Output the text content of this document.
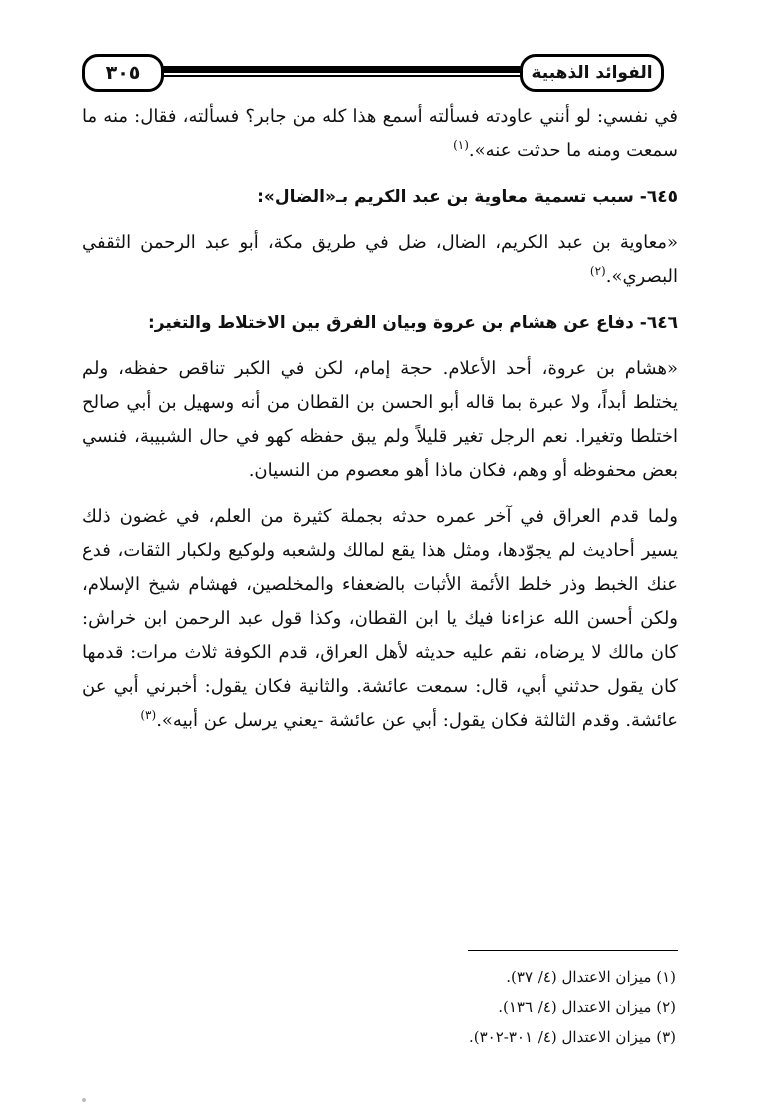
الفوائد الذهبية
٣٠٥

في نفسي: لو أنني عاودته فسألته أسمع هذا كله من جابر؟ فسألته، فقال: منه ما سمعت ومنه ما حدثت عنه».$^{(١)}$

٦٤٥- سبب تسمية معاوية بن عبد الكريم بـ«الضال»:

«معاوية بن عبد الكريم، الضال، ضل في طريق مكة، أبو عبد الرحمن الثقفي البصري».$^{(٢)}$

٦٤٦- دفاع عن هشام بن عروة وبيان الفرق بين الاختلاط والتغير:

«هشام بن عروة، أحد الأعلام. حجة إمام، لكن في الكبر تناقص حفظه، ولم يختلط أبداً، ولا عبرة بما قاله أبو الحسن بن القطان من أنه وسهيل بن أبي صالح اختلطا وتغيرا. نعم الرجل تغير قليلاً ولم يبق حفظه كهو في حال الشبيبة، فنسي بعض محفوظه أو وهم، فكان ماذا أهو معصوم من النسيان.

ولما قدم العراق في آخر عمره حدثه بجملة كثيرة من العلم، في غضون ذلك يسير أحاديث لم يجوّدها، ومثل هذا يقع لمالك ولشعبه ولوكيع ولكبار الثقات، فدع عنك الخبط وذر خلط الأئمة الأثبات بالضعفاء والمخلصين، فهشام شيخ الإسلام، ولكن أحسن الله عزاءنا فيك يا ابن القطان، وكذا قول عبد الرحمن ابن خراش: كان مالك لا يرضاه، نقم عليه حديثه لأهل العراق، قدم الكوفة ثلاث مرات: قدمها كان يقول حدثني أبي، قال: سمعت عائشة. والثانية فكان يقول: أخبرني أبي عن عائشة. وقدم الثالثة فكان يقول: أبي عن عائشة -يعني يرسل عن أبيه».$^{(٣)}$

(١) ميزان الاعتدال (٤/ ٣٧).

(٢) ميزان الاعتدال (٤/ ١٣٦).

(٣) ميزان الاعتدال (٤/ ٣٠١-٣٠٢).
